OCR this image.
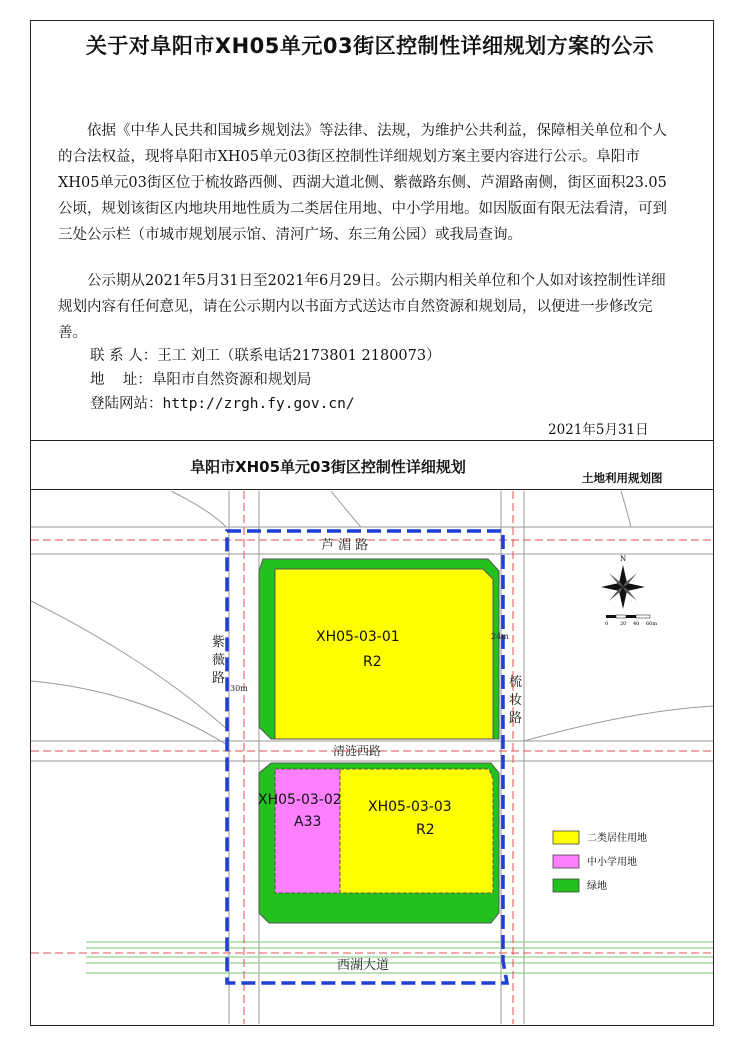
关于对阜阳市XH05单元03街区控制性详细规划方案的公示

依据《中华人民共和国城乡规划法》等法律、法规，为维护公共利益，保障相关单位和个人的合法权益，现将阜阳市XH05单元03街区控制性详细规划方案主要内容进行公示。阜阳市XH05单元03街区位于梳妆路西侧、西湖大道北侧、紫薇路东侧、芦湄路南侧，街区面积23.05公顷，规划该街区内地块用地性质为二类居住用地、中小学用地。如因版面有限无法看清，可到三处公示栏（市城市规划展示馆、清河广场、东三角公园）或我局查询。

公示期从2021年5月31日至2021年6月29日。公示期内相关单位和个人如对该控制性详细规划内容有任何意见，请在公示期内以书面方式送达市自然资源和规划局，以便进一步修改完善。

联 系 人：王工 刘工（联系电话2173801 2180073）
地    址：阜阳市自然资源和规划局
登陆网站：http://zrgh.fy.gov.cn/
2021年5月31日
阜阳市XH05单元03街区控制性详细规划
土地利用规划图
芦 湄 路
紫薇路	梳妆路
清涟西路
西湖大道
24m
30m
XH05-03-01
R2
XH05-03-02
A33
XH05-03-03
R2
N
0 20 40 60m
二类居住用地
中小学用地
绿地
